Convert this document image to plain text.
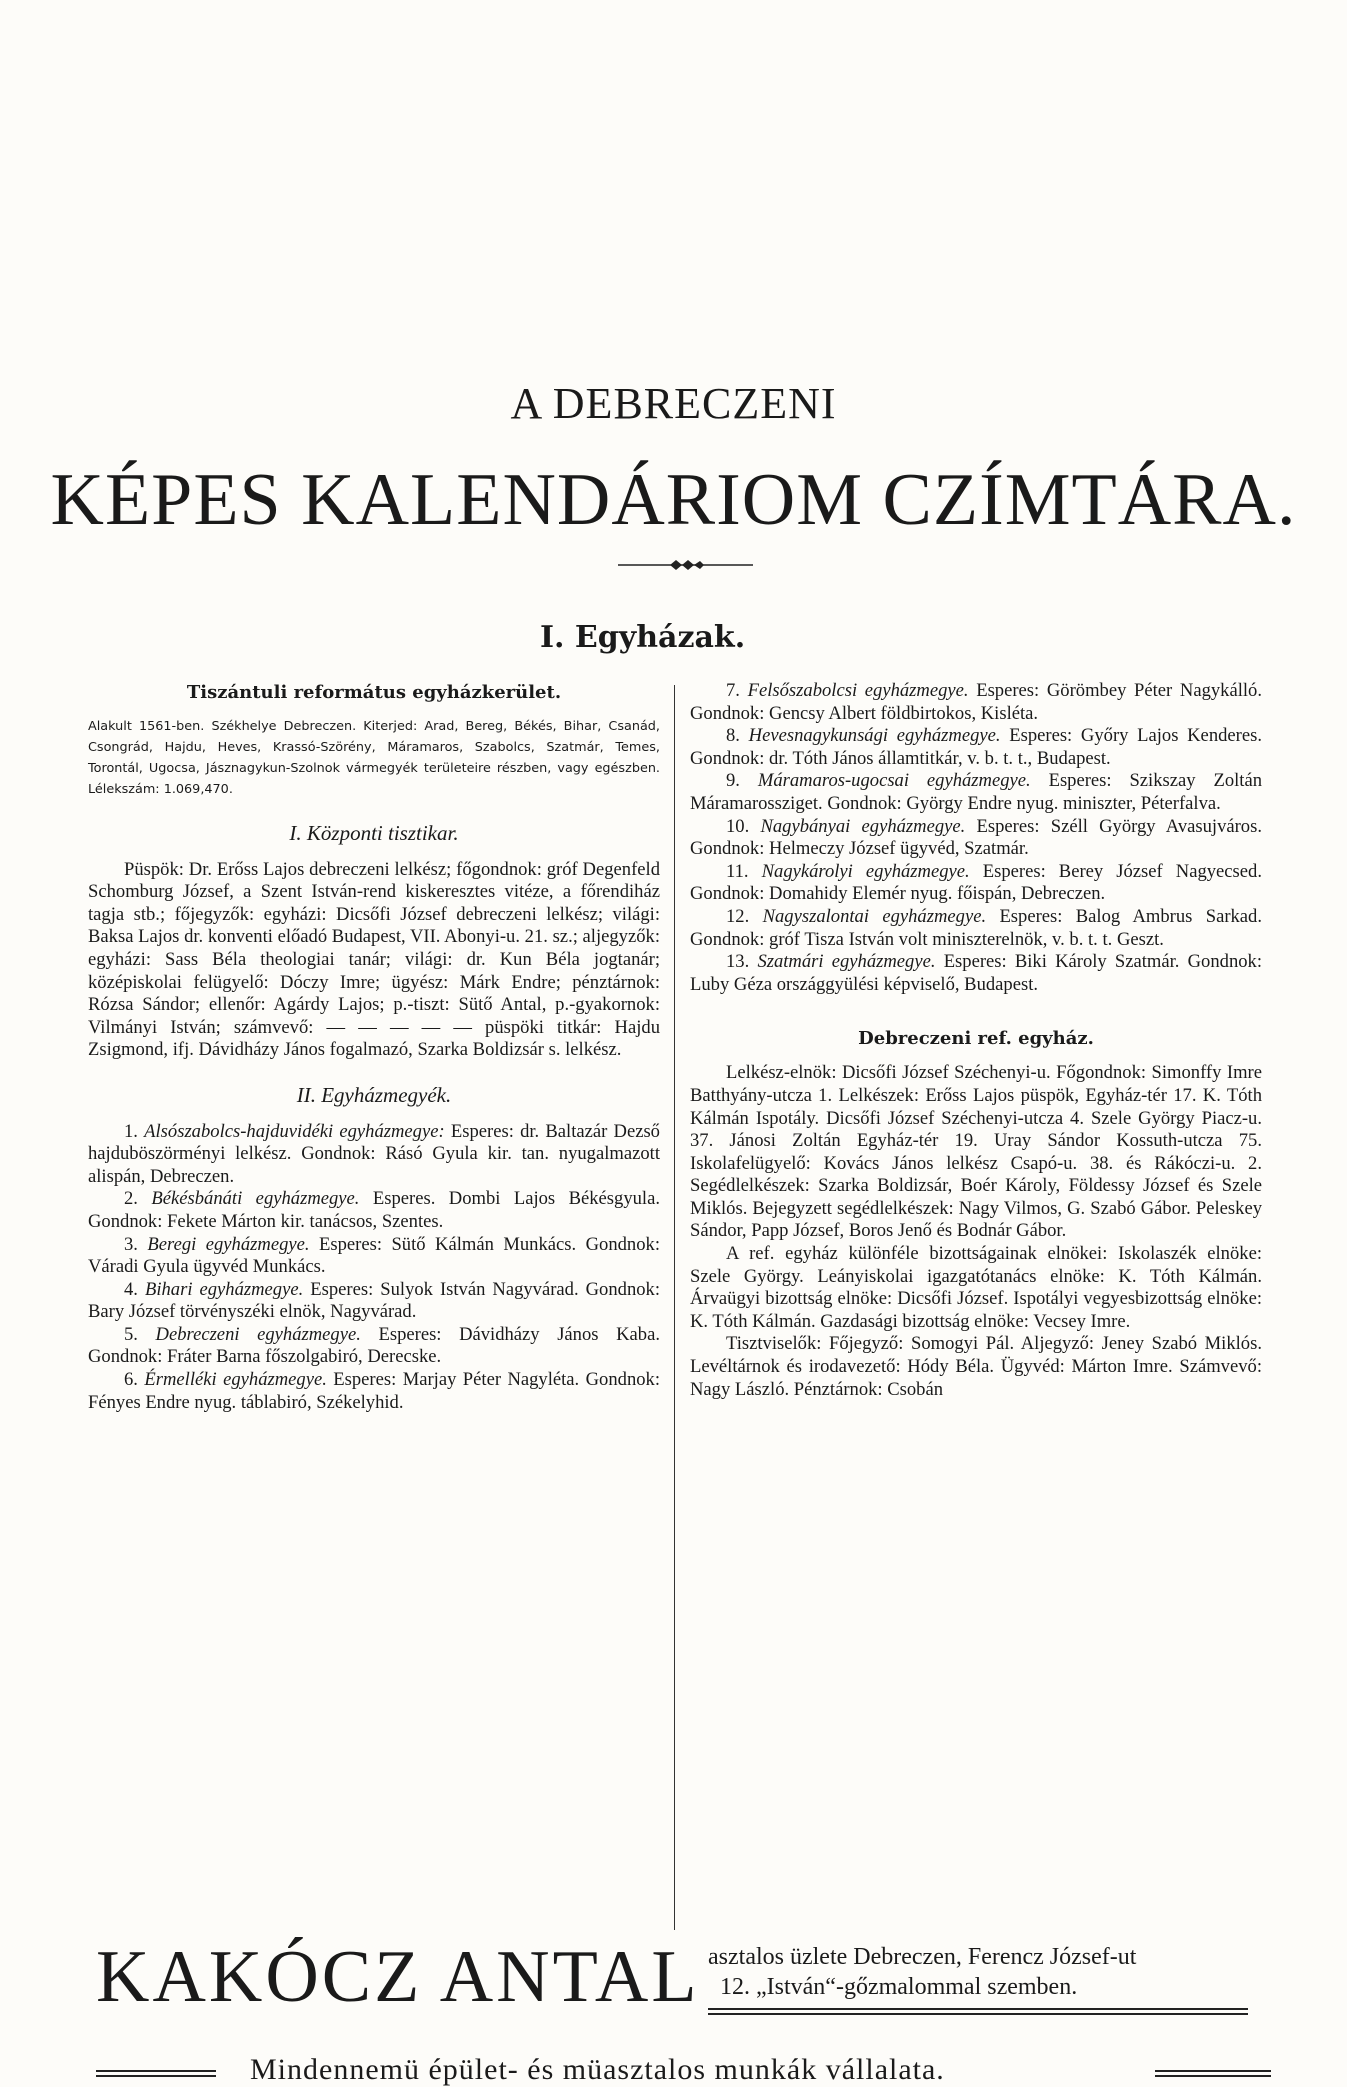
A DEBRECZENI
KÉPES KALENDÁRIOM CZÍMTÁRA.
I. Egyházak.
Tiszántuli református egyházkerület.

Alakult 1561-ben. Székhelye Debreczen. Kiterjed: Arad, Bereg, Békés, Bihar, Csanád, Csongrád, Hajdu, Heves, Krassó-Szörény, Máramaros, Szabolcs, Szatmár, Temes, Torontál, Ugocsa, Jásznagykun-Szolnok vármegyék területeire részben, vagy egészben. Lélekszám: 1.069,470.

I. Központi tisztikar.

Püspök: Dr. Erőss Lajos debreczeni lelkész; főgondnok: gróf Degenfeld Schomburg József, a Szent István-rend kiskeresztes vitéze, a főrendiház tagja stb.; főjegyzők: egyházi: Dicsőfi József debreczeni lelkész; világi: Baksa Lajos dr. konventi előadó Budapest, VII. Abonyi-u. 21. sz.; aljegyzők: egyházi: Sass Béla theologiai tanár; világi: dr. Kun Béla jogtanár; középiskolai felügyelő: Dóczy Imre; ügyész: Márk Endre; pénztárnok: Rózsa Sándor; ellenőr: Agárdy Lajos; p.-tiszt: Sütő Antal, p.-gyakornok: Vilmányi István; számvevő: — — — — — püspöki titkár: Hajdu Zsigmond, ifj. Dávidházy János fogalmazó, Szarka Boldizsár s. lelkész.

II. Egyházmegyék.

1. Alsószabolcs-hajduvidéki egyházmegye: Esperes: dr. Baltazár Dezső hajduböszörményi lelkész. Gondnok: Rásó Gyula kir. tan. nyugalmazott alispán, Debreczen.

2. Békésbánáti egyházmegye. Esperes. Dombi Lajos Békésgyula. Gondnok: Fekete Márton kir. tanácsos, Szentes.

3. Beregi egyházmegye. Esperes: Sütő Kálmán Munkács. Gondnok: Váradi Gyula ügyvéd Munkács.

4. Bihari egyházmegye. Esperes: Sulyok István Nagyvárad. Gondnok: Bary József törvényszéki elnök, Nagyvárad.

5. Debreczeni egyházmegye. Esperes: Dávidházy János Kaba. Gondnok: Fráter Barna főszolgabiró, Derecske.

6. Érmelléki egyházmegye. Esperes: Marjay Péter Nagyléta. Gondnok: Fényes Endre nyug. táblabiró, Székelyhid.

7. Felsőszabolcsi egyházmegye. Esperes: Görömbey Péter Nagykálló. Gondnok: Gencsy Albert földbirtokos, Kisléta.

8. Hevesnagykunsági egyházmegye. Esperes: Győry Lajos Kenderes. Gondnok: dr. Tóth János államtitkár, v. b. t. t., Budapest.

9. Máramaros-ugocsai egyházmegye. Esperes: Szikszay Zoltán Máramarossziget. Gondnok: György Endre nyug. miniszter, Péterfalva.

10. Nagybányai egyházmegye. Esperes: Széll György Avasujváros. Gondnok: Helmeczy József ügyvéd, Szatmár.

11. Nagykárolyi egyházmegye. Esperes: Berey József Nagyecsed. Gondnok: Domahidy Elemér nyug. főispán, Debreczen.

12. Nagyszalontai egyházmegye. Esperes: Balog Ambrus Sarkad. Gondnok: gróf Tisza István volt miniszterelnök, v. b. t. t. Geszt.

13. Szatmári egyházmegye. Esperes: Biki Károly Szatmár. Gondnok: Luby Géza országgyülési képviselő, Budapest.

Debreczeni ref. egyház.

Lelkész-elnök: Dicsőfi József Széchenyi-u. Főgondnok: Simonffy Imre Batthyány-utcza 1. Lelkészek: Erőss Lajos püspök, Egyház-tér 17. K. Tóth Kálmán Ispotály. Dicsőfi József Széchenyi-utcza 4. Szele György Piacz-u. 37. Jánosi Zoltán Egyház-tér 19. Uray Sándor Kossuth-utcza 75. Iskolafelügyelő: Kovács János lelkész Csapó-u. 38. és Rákóczi-u. 2. Segédlelkészek: Szarka Boldizsár, Boér Károly, Földessy József és Szele Miklós. Bejegyzett segédlelkészek: Nagy Vilmos, G. Szabó Gábor. Peleskey Sándor, Papp József, Boros Jenő és Bodnár Gábor.

A ref. egyház különféle bizottságainak elnökei: Iskolaszék elnöke: Szele György. Leányiskolai igazgatótanács elnöke: K. Tóth Kálmán. Árvaügyi bizottság elnöke: Dicsőfi József. Ispotályi vegyesbizottság elnöke: K. Tóth Kálmán. Gazdasági bizottság elnöke: Vecsey Imre.

Tisztviselők: Főjegyző: Somogyi Pál. Aljegyző: Jeney Szabó Miklós. Levéltárnok és irodavezető: Hódy Béla. Ügyvéd: Márton Imre. Számvevő: Nagy László. Pénztárnok: Csobán

KAKÓCZ ANTAL asztalos üzlete Debreczen, Ferencz József-ut
12. „István“-gőzmalommal szemben.
Mindennemü épület- és müasztalos munkák vállalata.
